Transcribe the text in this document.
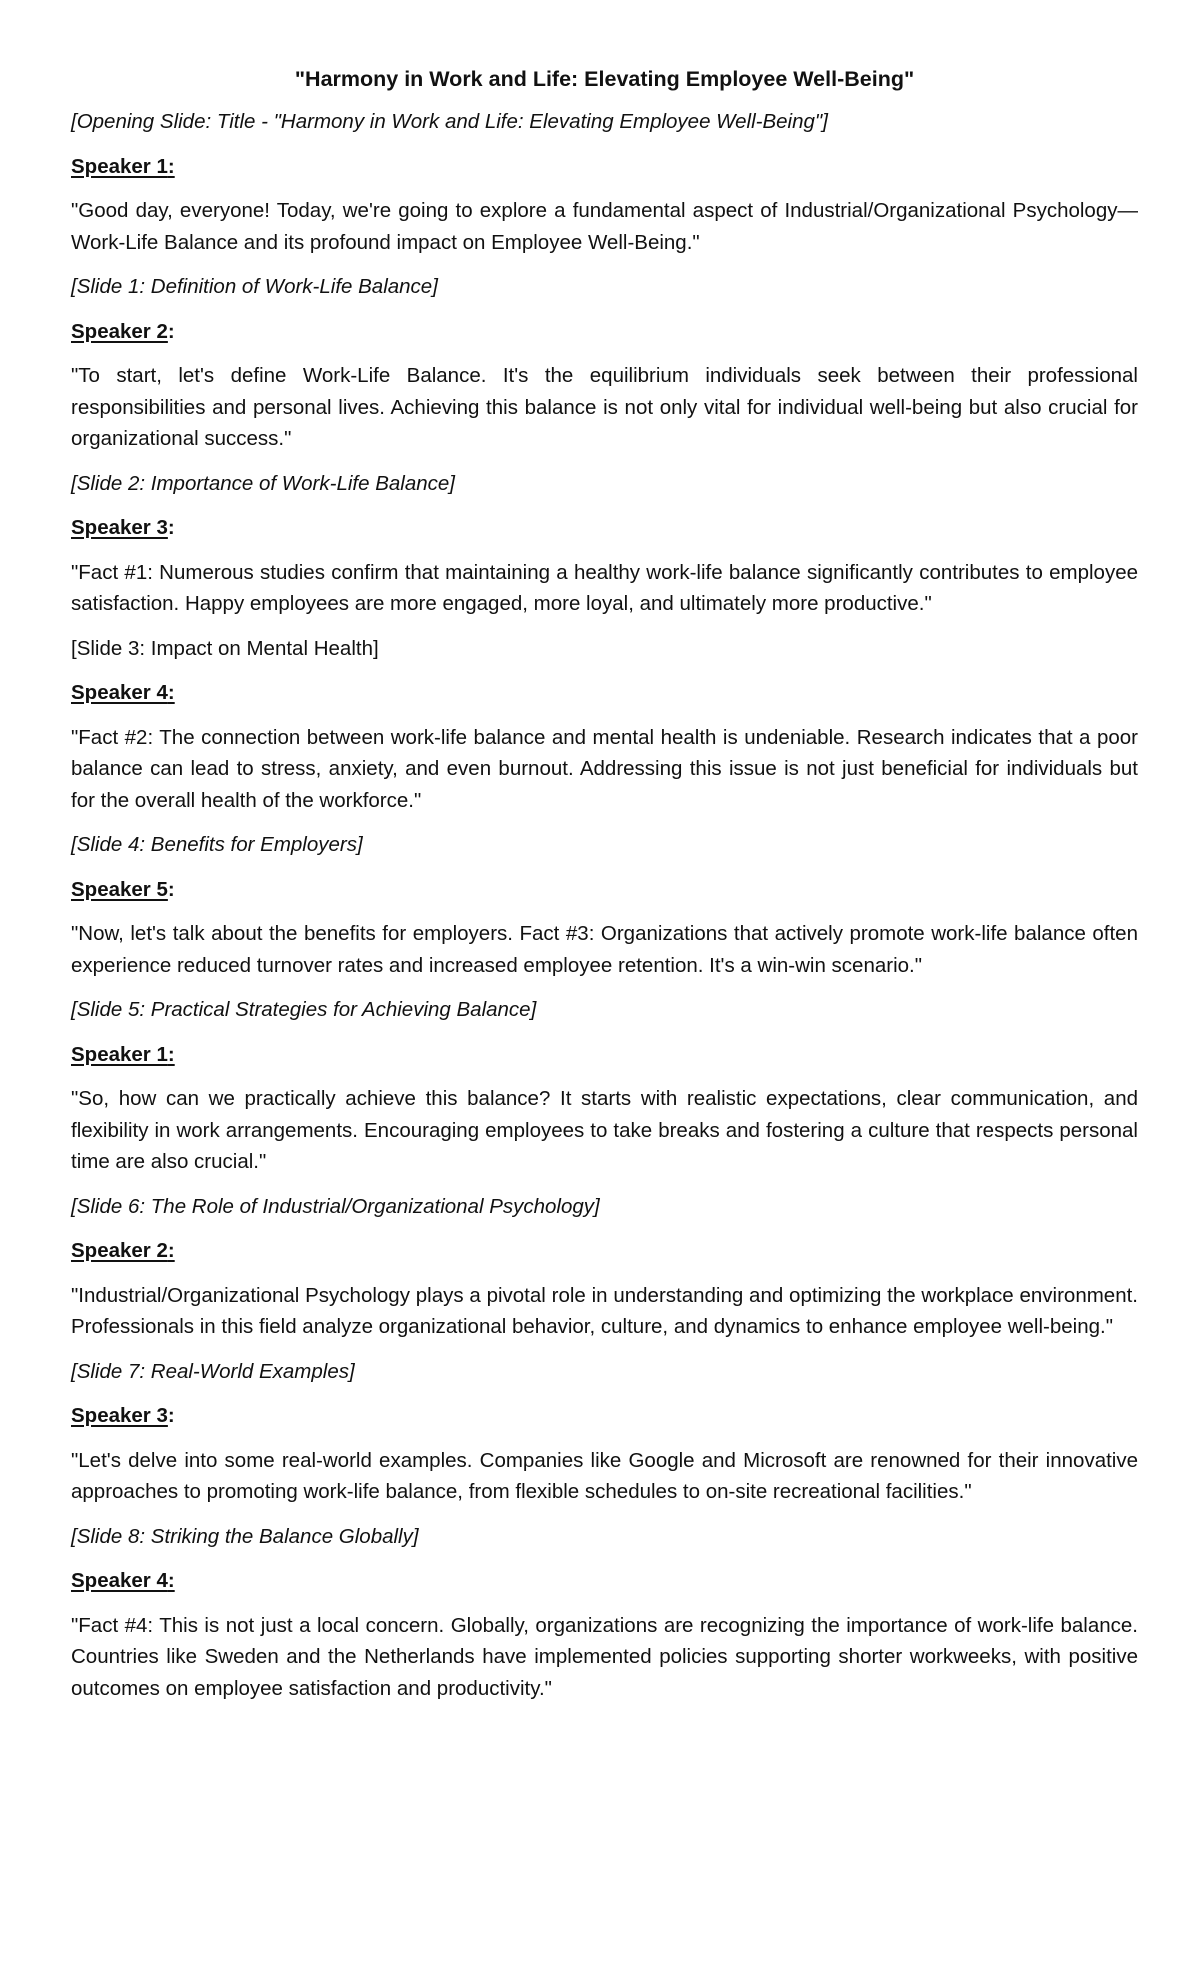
"Harmony in Work and Life: Elevating Employee Well-Being"

[Opening Slide: Title - "Harmony in Work and Life: Elevating Employee Well-Being"]

Speaker 1:

"Good day, everyone! Today, we're going to explore a fundamental aspect of Industrial/Organizational Psychology—Work-Life Balance and its profound impact on Employee Well-Being."

[Slide 1: Definition of Work-Life Balance]

Speaker 2:

"To start, let's define Work-Life Balance. It's the equilibrium individuals seek between their professional responsibilities and personal lives. Achieving this balance is not only vital for individual well-being but also crucial for organizational success."

[Slide 2: Importance of Work-Life Balance]

Speaker 3:

"Fact #1: Numerous studies confirm that maintaining a healthy work-life balance significantly contributes to employee satisfaction. Happy employees are more engaged, more loyal, and ultimately more productive."

[Slide 3: Impact on Mental Health]

Speaker 4:

"Fact #2: The connection between work-life balance and mental health is undeniable. Research indicates that a poor balance can lead to stress, anxiety, and even burnout. Addressing this issue is not just beneficial for individuals but for the overall health of the workforce."

[Slide 4: Benefits for Employers]

Speaker 5:

"Now, let's talk about the benefits for employers. Fact #3: Organizations that actively promote work-life balance often experience reduced turnover rates and increased employee retention. It's a win-win scenario."

[Slide 5: Practical Strategies for Achieving Balance]

Speaker 1:

"So, how can we practically achieve this balance? It starts with realistic expectations, clear communication, and flexibility in work arrangements. Encouraging employees to take breaks and fostering a culture that respects personal time are also crucial."

[Slide 6: The Role of Industrial/Organizational Psychology]

Speaker 2:

"Industrial/Organizational Psychology plays a pivotal role in understanding and optimizing the workplace environment. Professionals in this field analyze organizational behavior, culture, and dynamics to enhance employee well-being."

[Slide 7: Real-World Examples]

Speaker 3:

"Let's delve into some real-world examples. Companies like Google and Microsoft are renowned for their innovative approaches to promoting work-life balance, from flexible schedules to on-site recreational facilities."

[Slide 8: Striking the Balance Globally]

Speaker 4:

"Fact #4: This is not just a local concern. Globally, organizations are recognizing the importance of work-life balance. Countries like Sweden and the Netherlands have implemented policies supporting shorter workweeks, with positive outcomes on employee satisfaction and productivity."
